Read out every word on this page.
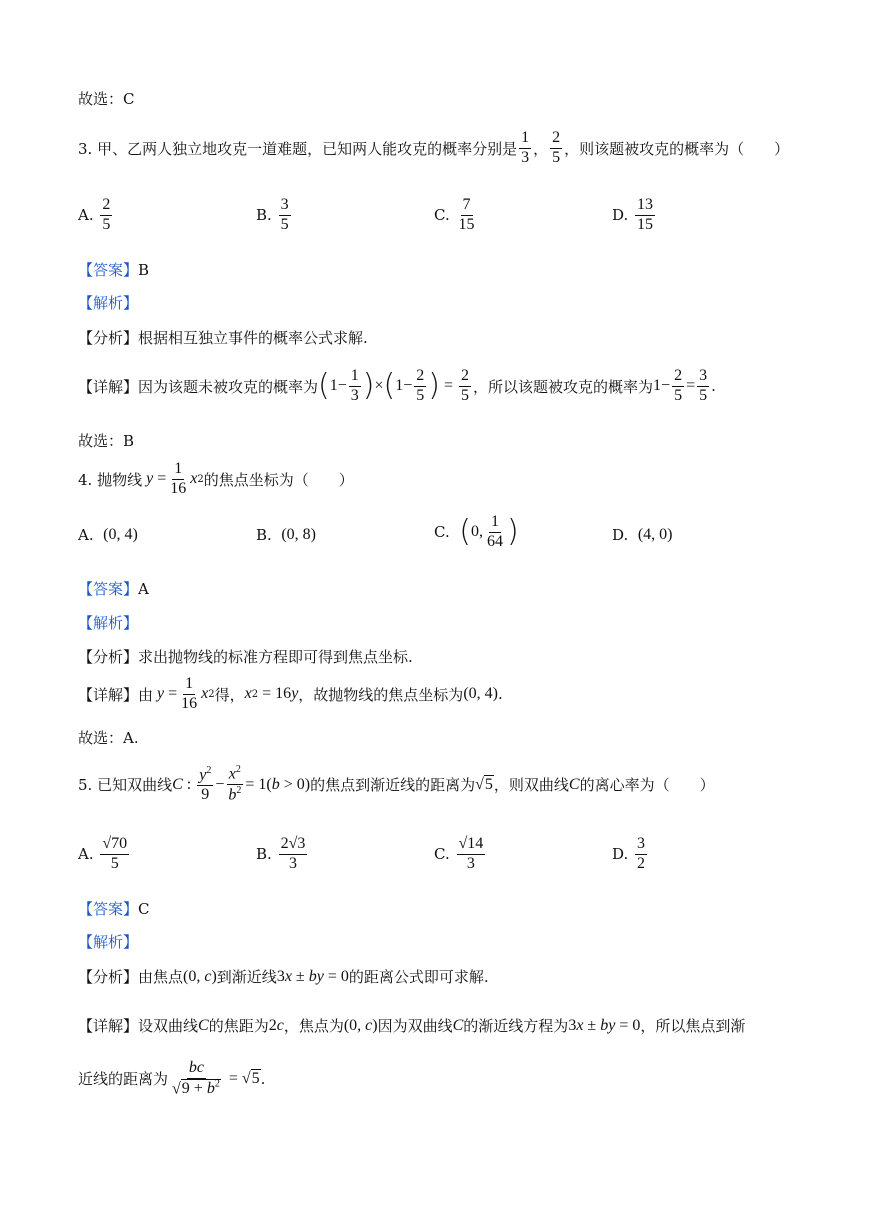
故选：C
3. 甲、乙两人独立地攻克一道难题，已知两人能攻克的概率分别是 $\frac{1}{3}$ ， $\frac{2}{5}$ ，则该题被攻克的概率为（　　）
A.
$\frac{2}{5}$	B.
$\frac{3}{5}$	C.
$\frac{7}{15}$	D.
$\frac{13}{15}$
【答案】 B
【解析】
【分析】 根据相互独立事件的概率公式求解.
【详解】 因为该题未被攻克的概率为 ( $1- \frac{1}{3}$ ) × ( $1- \frac{2}{5}$ ) = $\frac{2}{5}$ ，所以该题被攻克的概率为 $1- \frac{2}{5} = \frac{3}{5}$ .
故选：B
4. 抛物线 $y = \frac{1}{16}$ x 2 的焦点坐标为（　　）
A.
(0, 4)	B.
(0, 8)	C.
( 0, $\frac{1}{64}$ )	D.
(4, 0)
【答案】 A
【解析】
【分析】 求出抛物线的标准方程即可得到焦点坐标.
【详解】 由 $y = \frac{1}{16}$ x 2 得， x 2 = 16y ，故抛物线的焦点坐标为 (0, 4) .
故选：A.
5. 已知双曲线 C : $\frac{y^2}{9} - \frac{x^2}{b^2} = 1$ (b > 0) 的焦点到渐近线的距离为 √5 ，则双曲线 C 的离心率为（　　）
A.
$\frac{√70}{5}$	B.
$\frac{2√3}{3}$	C.
$\frac{√14}{3}$	D.
$\frac{3}{2}$
【答案】 C
【解析】
【分析】 由焦点 (0, c) 到渐近线 3x ± by = 0 的距离公式即可求解.
【详解】 设双曲线 C 的焦距为 2c ，焦点为 (0, c) 因为双曲线 C 的渐近线方程为 3x ± by = 0 ，所以焦点到渐
近线的距离为 $\frac{bc}{√9 + b^2} = √5$ .
